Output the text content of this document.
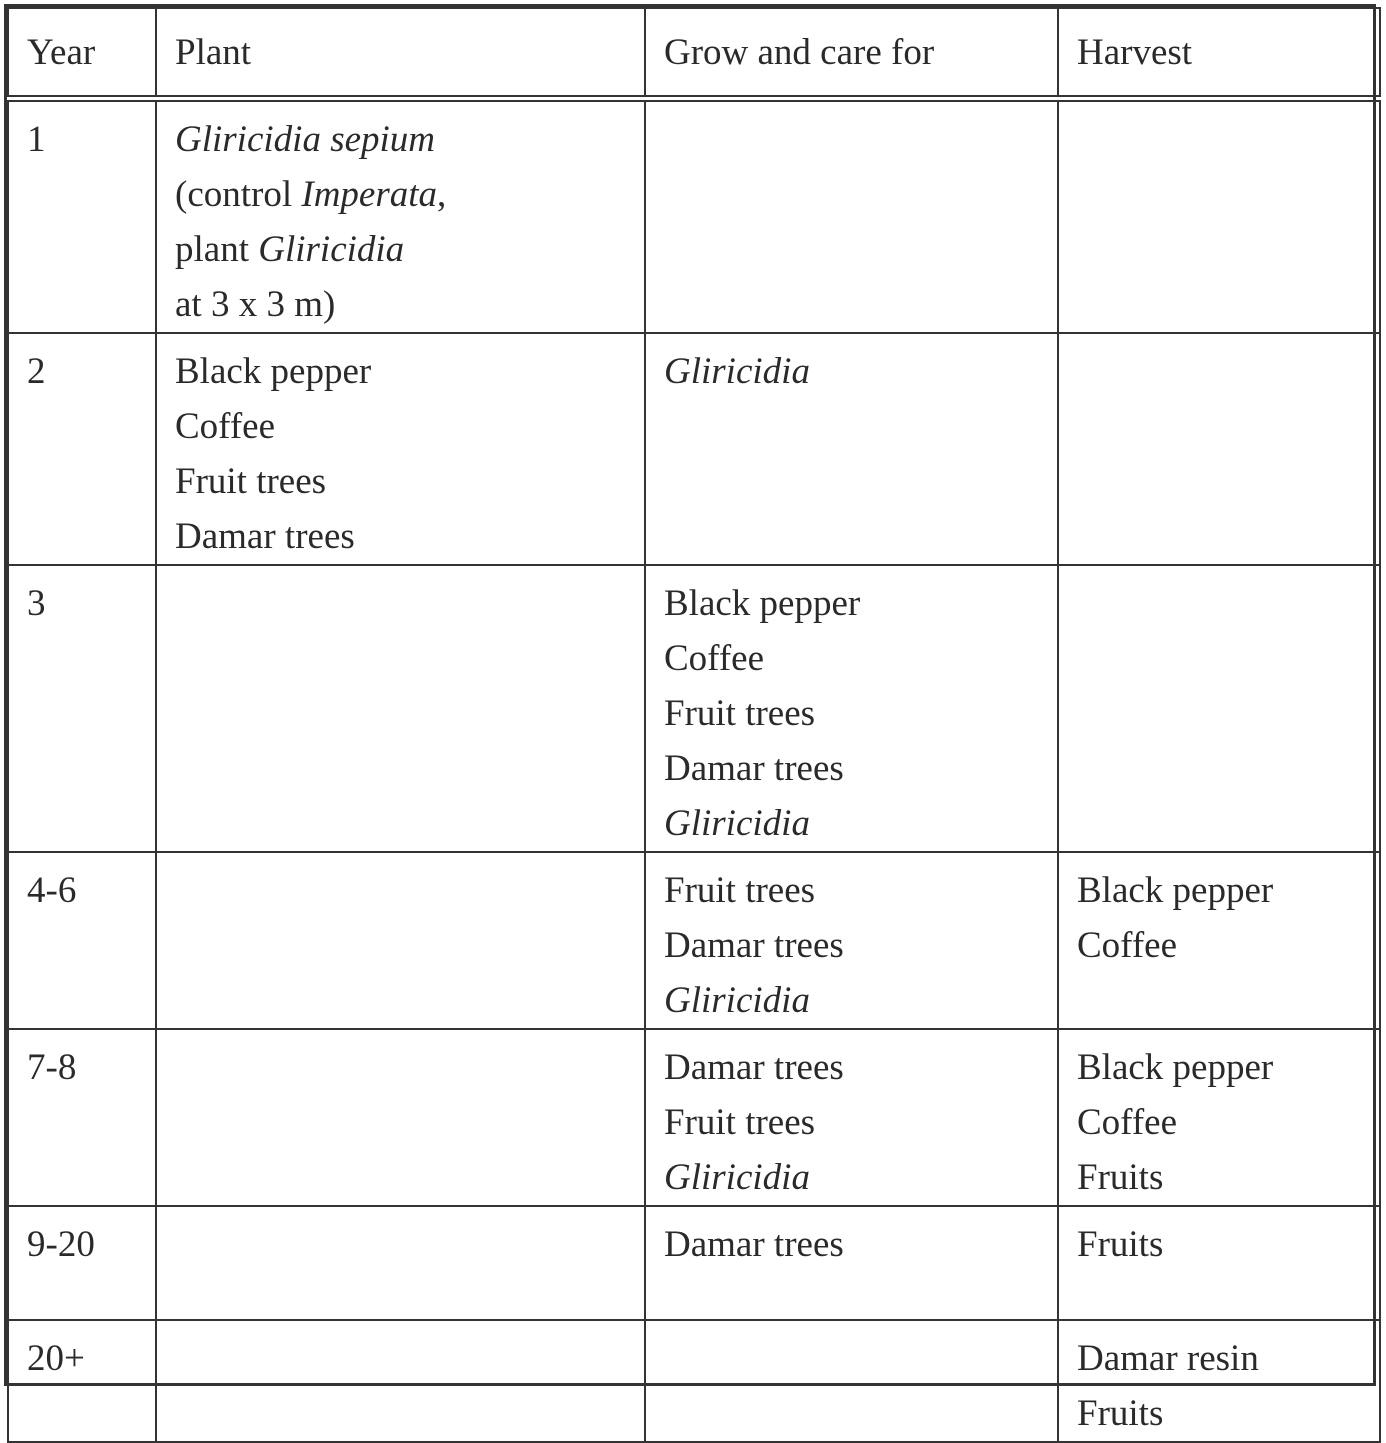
Year	Plant	Grow and care for	Harvest
1	Gliricidia sepium
(control Imperata,
plant Gliricidia
at 3 x 3 m)		

2	Black pepper
Coffee
Fruit trees
Damar trees	Gliricidia	

3		Black pepper
Coffee
Fruit trees
Damar trees
Gliricidia	

4-6		Fruit trees
Damar trees
Gliricidia	Black pepper
Coffee

7-8		Damar trees
Fruit trees
Gliricidia	Black pepper
Coffee
Fruits

9-20		Damar trees	Fruits

20+			Damar resin
Fruits
